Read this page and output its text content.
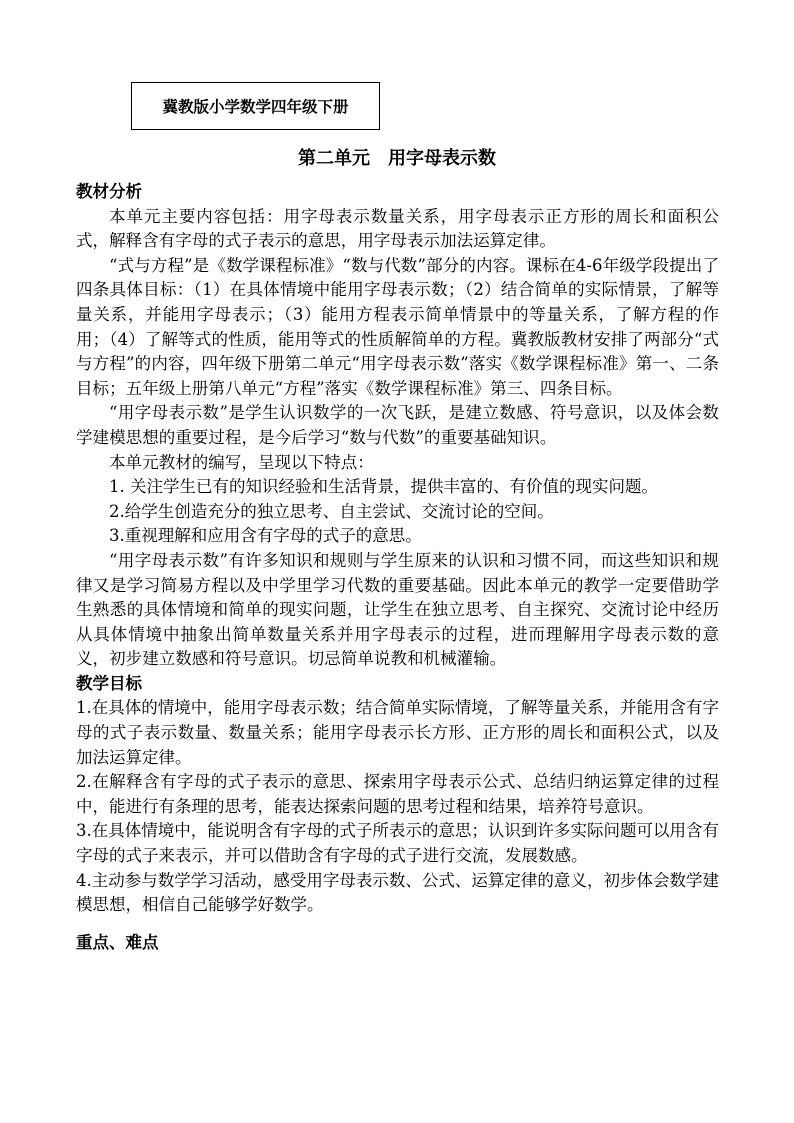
冀教版小学数学四年级下册
第二单元　用字母表示数
教材分析
本单元主要内容包括：用字母表示数量关系，用字母表示正方形的周长和面积公式，解释含有字母的式子表示的意思，用字母表示加法运算定律。
“式与方程”是《数学课程标准》“数与代数”部分的内容。课标在4-6年级学段提出了四条具体目标：（1）在具体情境中能用字母表示数；（2）结合简单的实际情景，了解等量关系，并能用字母表示；（3）能用方程表示简单情景中的等量关系，了解方程的作用；（4）了解等式的性质，能用等式的性质解简单的方程。冀教版教材安排了两部分“式与方程”的内容，四年级下册第二单元“用字母表示数”落实《数学课程标准》第一、二条目标；五年级上册第八单元“方程”落实《数学课程标准》第三、四条目标。
“用字母表示数”是学生认识数学的一次飞跃，是建立数感、符号意识，以及体会数学建模思想的重要过程，是今后学习“数与代数”的重要基础知识。
本单元教材的编写，呈现以下特点：
1. 关注学生已有的知识经验和生活背景，提供丰富的、有价值的现实问题。
2.给学生创造充分的独立思考、自主尝试、交流讨论的空间。
3.重视理解和应用含有字母的式子的意思。
“用字母表示数”有许多知识和规则与学生原来的认识和习惯不同，而这些知识和规律又是学习简易方程以及中学里学习代数的重要基础。因此本单元的教学一定要借助学生熟悉的具体情境和简单的现实问题，让学生在独立思考、自主探究、交流讨论中经历从具体情境中抽象出简单数量关系并用字母表示的过程，进而理解用字母表示数的意义，初步建立数感和符号意识。切忌简单说教和机械灌输。
教学目标
1.在具体的情境中，能用字母表示数；结合简单实际情境，了解等量关系，并能用含有字母的式子表示数量、数量关系；能用字母表示长方形、正方形的周长和面积公式，以及加法运算定律。
2.在解释含有字母的式子表示的意思、探索用字母表示公式、总结归纳运算定律的过程中，能进行有条理的思考，能表达探索问题的思考过程和结果，培养符号意识。
3.在具体情境中，能说明含有字母的式子所表示的意思；认识到许多实际问题可以用含有字母的式子来表示，并可以借助含有字母的式子进行交流，发展数感。
4.主动参与数学学习活动，感受用字母表示数、公式、运算定律的意义，初步体会数学建模思想，相信自己能够学好数学。
重点、难点
